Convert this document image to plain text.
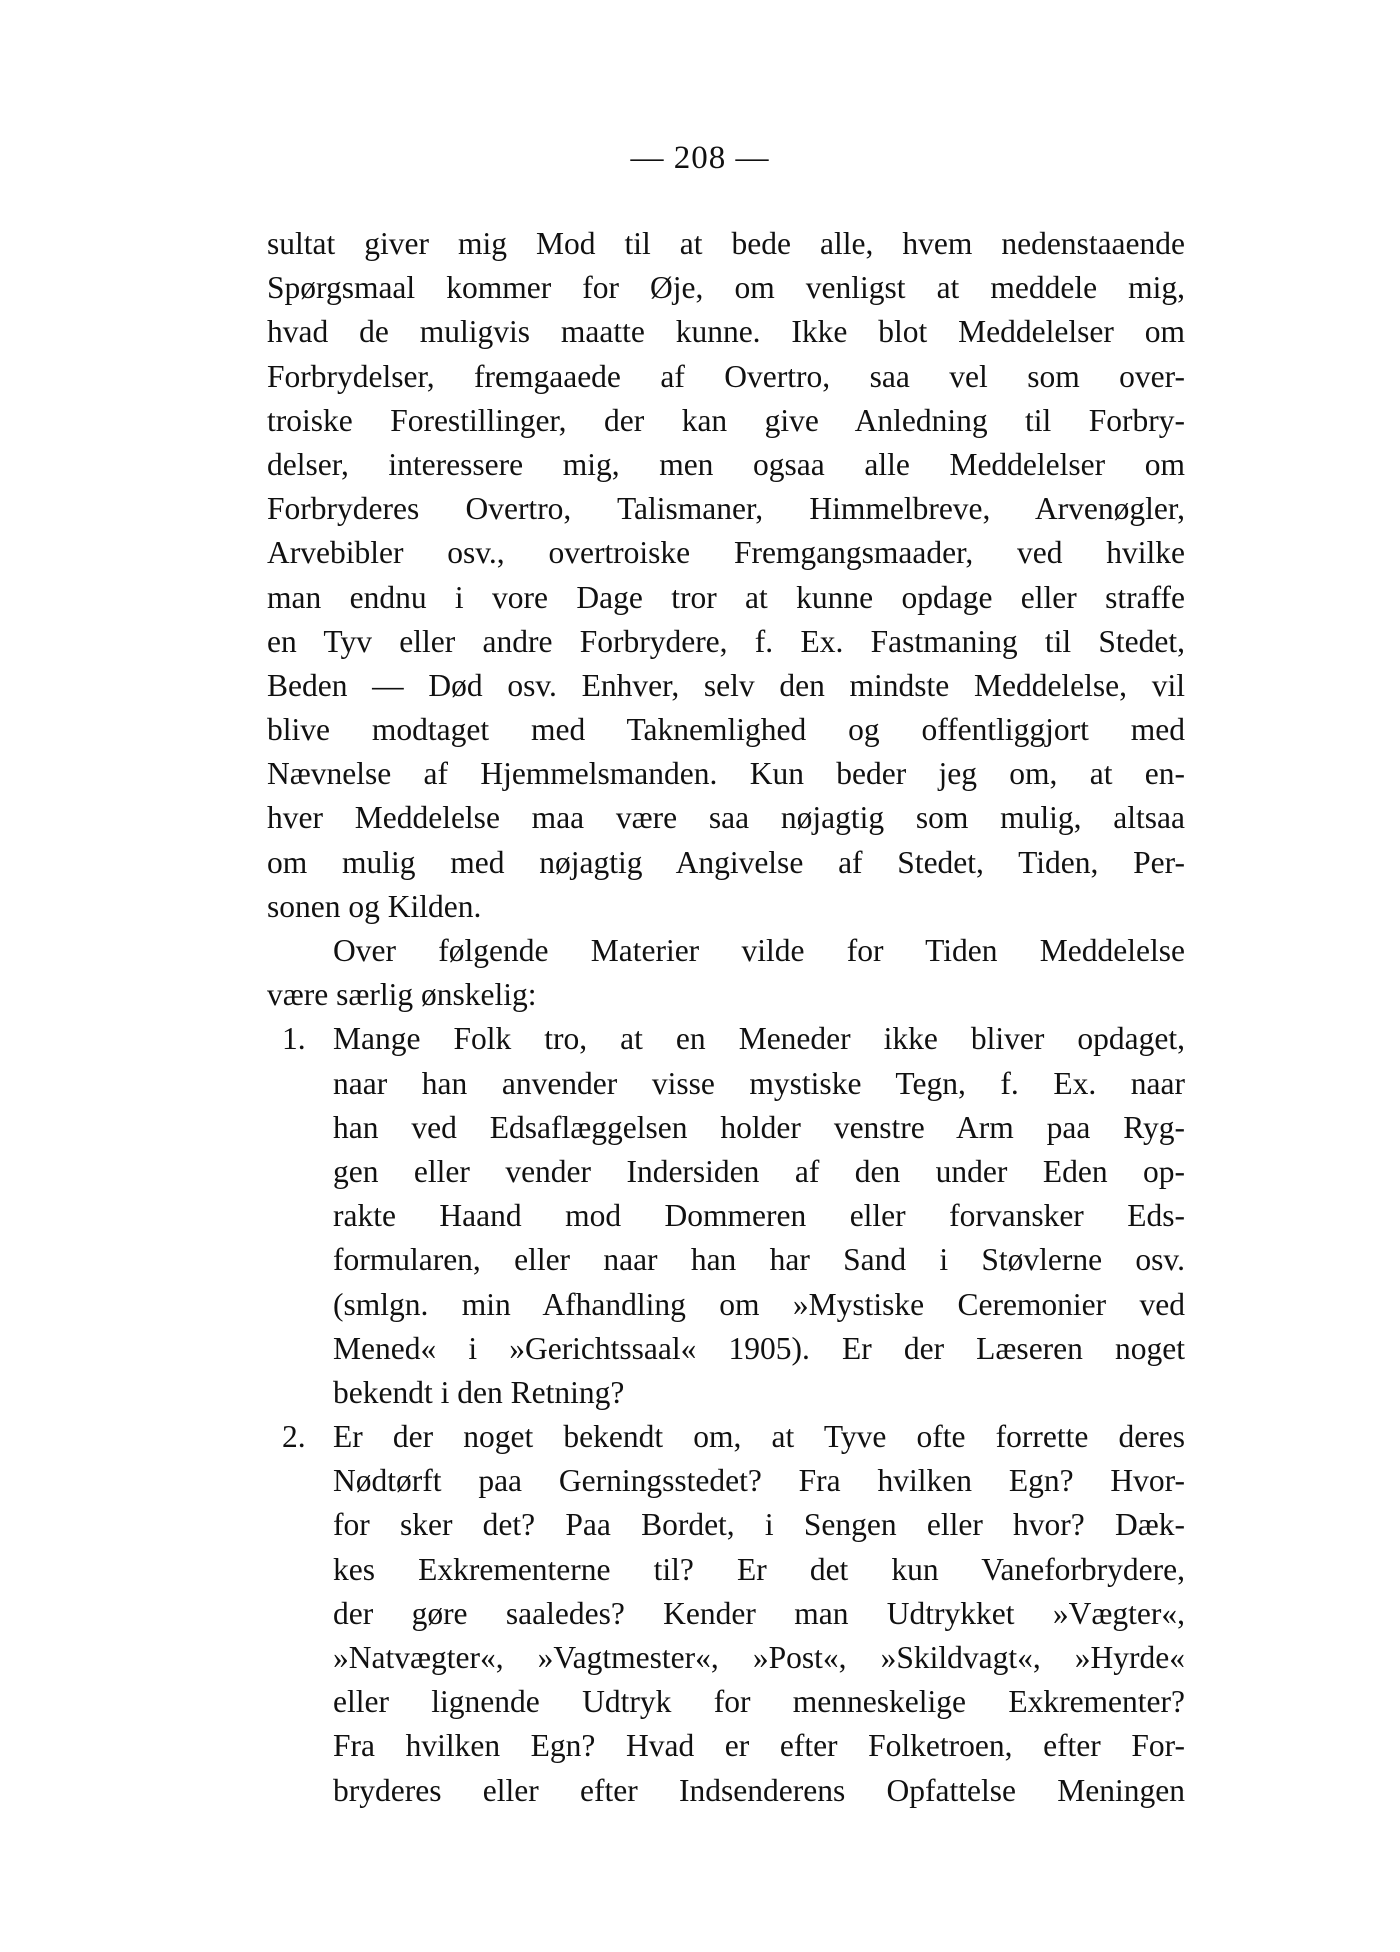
— 208 —
sultat giver mig Mod til at bede alle, hvem nedenstaaende
Spørgsmaal kommer for Øje, om venligst at meddele mig,
hvad de muligvis maatte kunne. Ikke blot Meddelelser om
Forbrydelser, fremgaaede af Overtro, saa vel som over-
troiske Forestillinger, der kan give Anledning til Forbry-
delser, interessere mig, men ogsaa alle Meddelelser om
Forbryderes Overtro, Talismaner, Himmelbreve, Arvenøgler,
Arvebibler osv., overtroiske Fremgangsmaader, ved hvilke
man endnu i vore Dage tror at kunne opdage eller straffe
en Tyv eller andre Forbrydere, f. Ex. Fastmaning til Stedet,
Beden — Død osv. Enhver, selv den mindste Meddelelse, vil
blive modtaget med Taknemlighed og offentliggjort med
Nævnelse af Hjemmelsmanden. Kun beder jeg om, at en-
hver Meddelelse maa være saa nøjagtig som mulig, altsaa
om mulig med nøjagtig Angivelse af Stedet, Tiden, Per-
sonen og Kilden.
Over følgende Materier vilde for Tiden Meddelelse
være særlig ønskelig:
1. Mange Folk tro, at en Meneder ikke bliver opdaget,
naar han anvender visse mystiske Tegn, f. Ex. naar
han ved Edsaflæggelsen holder venstre Arm paa Ryg-
gen eller vender Indersiden af den under Eden op-
rakte Haand mod Dommeren eller forvansker Eds-
formularen, eller naar han har Sand i Støvlerne osv.
(smlgn. min Afhandling om »Mystiske Ceremonier ved
Mened« i »Gerichtssaal« 1905). Er der Læseren noget
bekendt i den Retning?
2. Er der noget bekendt om, at Tyve ofte forrette deres
Nødtørft paa Gerningsstedet? Fra hvilken Egn? Hvor-
for sker det? Paa Bordet, i Sengen eller hvor? Dæk-
kes Exkrementerne til? Er det kun Vaneforbrydere,
der gøre saaledes? Kender man Udtrykket »Vægter«,
»Natvægter«, »Vagtmester«, »Post«, »Skildvagt«, »Hyrde«
eller lignende Udtryk for menneskelige Exkrementer?
Fra hvilken Egn? Hvad er efter Folketroen, efter For-
bryderes eller efter Indsenderens Opfattelse Meningen
